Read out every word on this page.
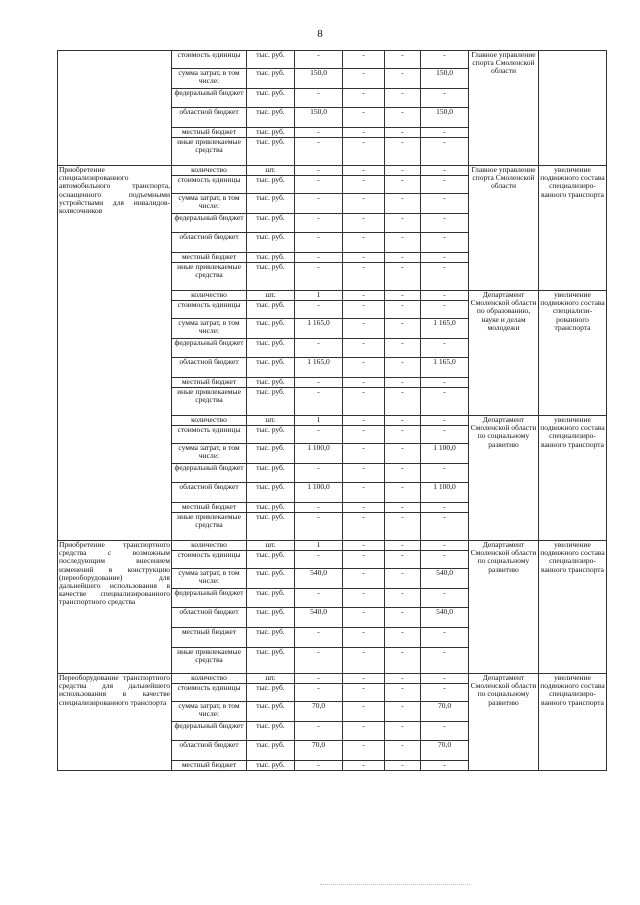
8
	стоимость единицы	тыс. руб.	-	-	-	-	Главное управление спорта Смоленской области	
	сумма затрат, в том числе:	тыс. руб.	150,0	-	-	150,0		
	федеральный бюджет	тыс. руб.	-	-	-	-		
	областной бюджет	тыс. руб.	150,0	-	-	150,0		
	местный бюджет	тыс. руб.	-	-	-	-		
	иные привлекаемые средства	тыс. руб.	-	-	-	-		
Приобретение специализированного автомобильного транспорта, оснащенного подъемными устройствами для инвалидов-колясочников	количество	шт.	-	-	-	-	Главное управление спорта Смоленской области	увеличение подвижного состава специализиро-ванного транспорта
	стоимость единицы	тыс. руб.	-	-	-	-		
	сумма затрат, в том числе:	тыс. руб.	-	-	-	-		
	федеральный бюджет	тыс. руб.	-	-	-	-		
	областной бюджет	тыс. руб.	-	-	-	-		
	местный бюджет	тыс. руб.	-	-	-	-		
	иные привлекаемые средства	тыс. руб.	-	-	-	-		
	количество	шт.	1	-	-	-	Департамент Смоленской области по образованию, науке и делам молодежи	увеличение подвижного состава специализи-рованного транспорта
	стоимость единицы	тыс. руб.	-	-	-	-		
	сумма затрат, в том числе:	тыс. руб.	1 165,0	-	-	1 165,0		
	федеральный бюджет	тыс. руб.	-	-	-	-		
	областной бюджет	тыс. руб.	1 165,0	-	-	1 165,0		
	местный бюджет	тыс. руб.	-	-	-	-		
	иные привлекаемые средства	тыс. руб.	-	-	-	-		
	количество	шт.	1	-	-	-	Департамент Смоленской области по социальному развитию	увеличение подвижного состава специализиро-ванного транспорта
	стоимость единицы	тыс. руб.	-	-	-	-		
	сумма затрат, в том числе:	тыс. руб.	1 100,0	-	-	1 100,0		
	федеральный бюджет	тыс. руб.	-	-	-	-		
	областной бюджет	тыс. руб.	1 100,0	-	-	1 100,0		
	местный бюджет	тыс. руб.	-	-	-	-		
	иные привлекаемые средства	тыс. руб.	-	-	-	-		
Приобретение транспортного средства с возможным последующим внесением изменений в конструкцию (переоборудование) для дальнейшего использования в качестве специализированного транспортного средства	количество	шт.	1	-	-	-	Департамент Смоленской области по социальному развитию	увеличение подвижного состава специализиро-ванного транспорта
	стоимость единицы	тыс. руб.	-	-	-	-		
	сумма затрат, в том числе:	тыс. руб.	540,0	-	-	540,0		
	федеральный бюджет	тыс. руб.	-	-	-	-		
	областной бюджет	тыс. руб.	540,0	-	-	540,0		
	местный бюджет	тыс. руб.	-	-	-	-		
	иные привлекаемые средства	тыс. руб.	-	-	-	-		
Переоборудование транспортного средства для дальнейшего использования в качестве специализированного транспорта	количество	шт.	-	-	-	-	Департамент Смоленской области по социальному развитию	увеличение подвижного состава специализиро-ванного транспорта
	стоимость единицы	тыс. руб.	-	-	-	-		
	сумма затрат, в том числе:	тыс. руб.	70,0	-	-	70,0		
	федеральный бюджет	тыс. руб.	-	-	-	-		
	областной бюджет	тыс. руб.	70,0	-	-	70,0		
	местный бюджет	тыс. руб.	-	-	-	-		
